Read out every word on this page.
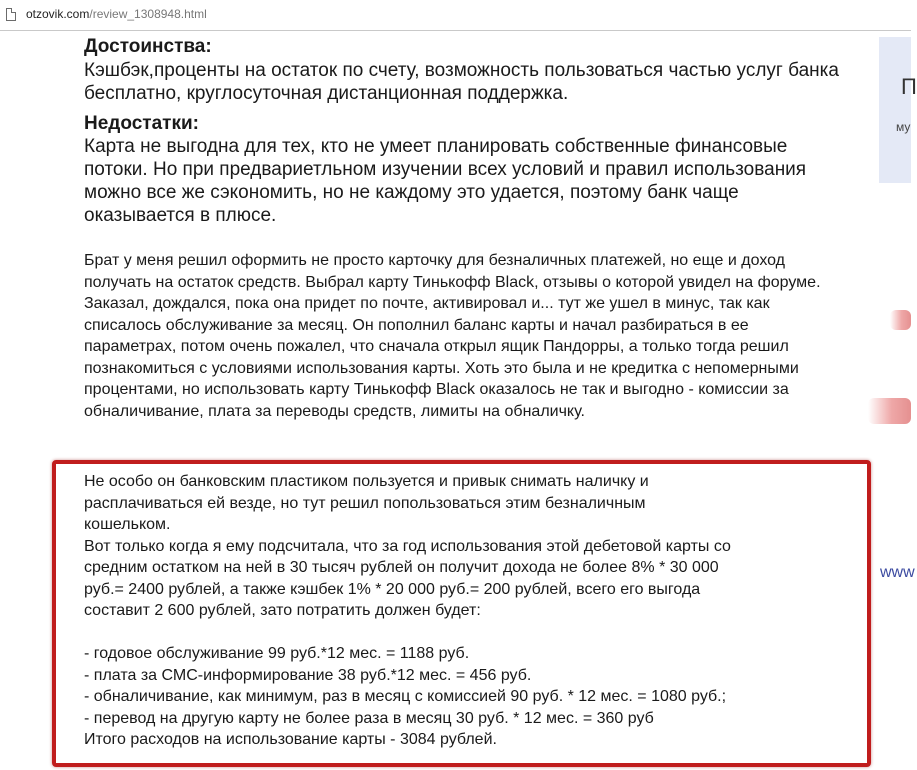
otzovik.com/review_1308948.html
Достоинства:

Кэшбэк,проценты на остаток по счету, возможность пользоваться частью услуг банка бесплатно, круглосуточная дистанционная поддержка.

Недостатки:

Карта не выгодна для тех, кто не умеет планировать собственные финансовые потоки. Но при предвариетльном изучении всех условий и правил использования можно все же сэкономить, но не каждому это удается, поэтому банк чаще оказывается в плюсе.

Брат у меня решил оформить не просто карточку для безналичных платежей, но еще и доход получать на остаток средств. Выбрал карту Тинькофф Black, отзывы о которой увидел на форуме. Заказал, дождался, пока она придет по почте, активировал и... тут же ушел в минус, так как списалось обслуживание за месяц. Он пополнил баланс карты и начал разбираться в ее параметрах, потом очень пожалел, что сначала открыл ящик Пандорры, а только тогда решил познакомиться с условиями использования карты. Хоть это была и не кредитка с непомерными процентами, но использовать карту Тинькофф Black оказалось не так и выгодно - комиссии за обналичивание, плата за переводы средств, лимиты на обналичку.

Не особо он банковским пластиком пользуется и привык снимать наличку и
расплачиваться ей везде, но тут решил попользоваться этим безналичным
кошельком.
Вот только когда я ему подсчитала, что за год использования этой дебетовой карты со
средним остатком на ней в 30 тысяч рублей он получит дохода не более 8% * 30 000
руб.= 2400 рублей, а также кэшбек 1% * 20 000 руб.= 200 рублей, всего его выгода
составит 2 600 рублей, зато потратить должен будет:
- годовое обслуживание 99 руб.*12 мес. = 1188 руб.
- плата за СМС-информирование 38 руб.*12 мес. = 456 руб.
- обналичивание, как минимум, раз в месяц с комиссией 90 руб. * 12 мес. = 1080 руб.;
- перевод на другую карту не более раза в месяц 30 руб. * 12 мес. = 360 руб
Итого расходов на использование карты - 3084 рублей.
П
му
www
